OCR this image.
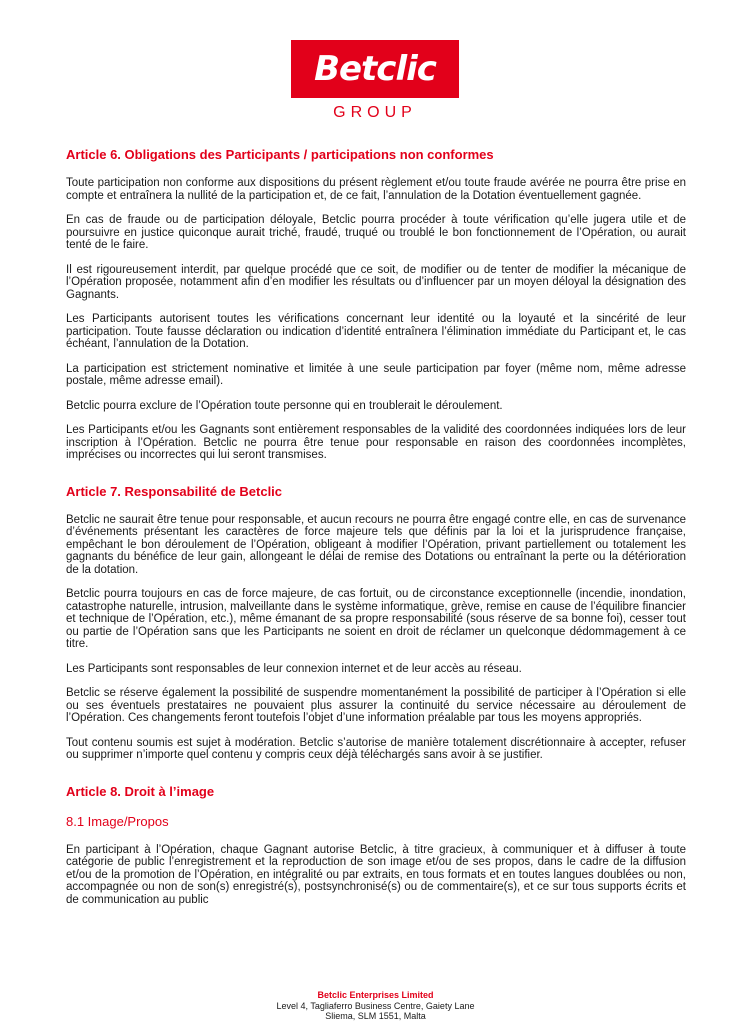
Betclic
GROUP
Article 6. Obligations des Participants / participations non conformes

Toute participation non conforme aux dispositions du présent règlement et/ou toute fraude avérée ne pourra être prise en compte et entraînera la nullité de la participation et, de ce fait, l’annulation de la Dotation éventuellement gagnée.

En cas de fraude ou de participation déloyale, Betclic pourra procéder à toute vérification qu’elle jugera utile et de poursuivre en justice quiconque aurait triché, fraudé, truqué ou troublé le bon fonctionnement de l’Opération, ou aurait tenté de le faire.

Il est rigoureusement interdit, par quelque procédé que ce soit, de modifier ou de tenter de modifier la mécanique de l’Opération proposée, notamment afin d’en modifier les résultats ou d’influencer par un moyen déloyal la désignation des Gagnants.

Les Participants autorisent toutes les vérifications concernant leur identité ou la loyauté et la sincérité de leur participation. Toute fausse déclaration ou indication d’identité entraînera l’élimination immédiate du Participant et, le cas échéant, l’annulation de la Dotation.

La participation est strictement nominative et limitée à une seule participation par foyer (même nom, même adresse postale, même adresse email).

Betclic pourra exclure de l’Opération toute personne qui en troublerait le déroulement.

Les Participants et/ou les Gagnants sont entièrement responsables de la validité des coordonnées indiquées lors de leur inscription à l’Opération. Betclic ne pourra être tenue pour responsable en raison des coordonnées incomplètes, imprécises ou incorrectes qui lui seront transmises.

Article 7. Responsabilité de Betclic

Betclic ne saurait être tenue pour responsable, et aucun recours ne pourra être engagé contre elle, en cas de survenance d’événements présentant les caractères de force majeure tels que définis par la loi et la jurisprudence française, empêchant le bon déroulement de l’Opération, obligeant à modifier l’Opération, privant partiellement ou totalement les gagnants du bénéfice de leur gain, allongeant le délai de remise des Dotations ou entraînant la perte ou la détérioration de la dotation.

Betclic pourra toujours en cas de force majeure, de cas fortuit, ou de circonstance exceptionnelle (incendie, inondation, catastrophe naturelle, intrusion, malveillante dans le système informatique, grève, remise en cause de l’équilibre financier et technique de l’Opération, etc.), même émanant de sa propre responsabilité (sous réserve de sa bonne foi), cesser tout ou partie de l’Opération sans que les Participants ne soient en droit de réclamer un quelconque dédommagement à ce titre.

Les Participants sont responsables de leur connexion internet et de leur accès au réseau.

Betclic se réserve également la possibilité de suspendre momentanément la possibilité de participer à l’Opération si elle ou ses éventuels prestataires ne pouvaient plus assurer la continuité du service nécessaire au déroulement de l’Opération. Ces changements feront toutefois l’objet d’une information préalable par tous les moyens appropriés.

Tout contenu soumis est sujet à modération. Betclic s’autorise de manière totalement discrétionnaire à accepter, refuser ou supprimer n’importe quel contenu y compris ceux déjà téléchargés sans avoir à se justifier.

Article 8. Droit à l’image
8.1 Image/Propos

En participant à l’Opération, chaque Gagnant autorise Betclic, à titre gracieux, à communiquer et à diffuser à toute catégorie de public l’enregistrement et la reproduction de son image et/ou de ses propos, dans le cadre de la diffusion et/ou de la promotion de l’Opération, en intégralité ou par extraits, en tous formats et en toutes langues doublées ou non, accompagnée ou non de son(s) enregistré(s), postsynchronisé(s) ou de commentaire(s), et ce sur tous supports écrits et de communication au public

Betclic Enterprises Limited
Level 4, Tagliaferro Business Centre, Gaiety Lane
Sliema, SLM 1551, Malta
